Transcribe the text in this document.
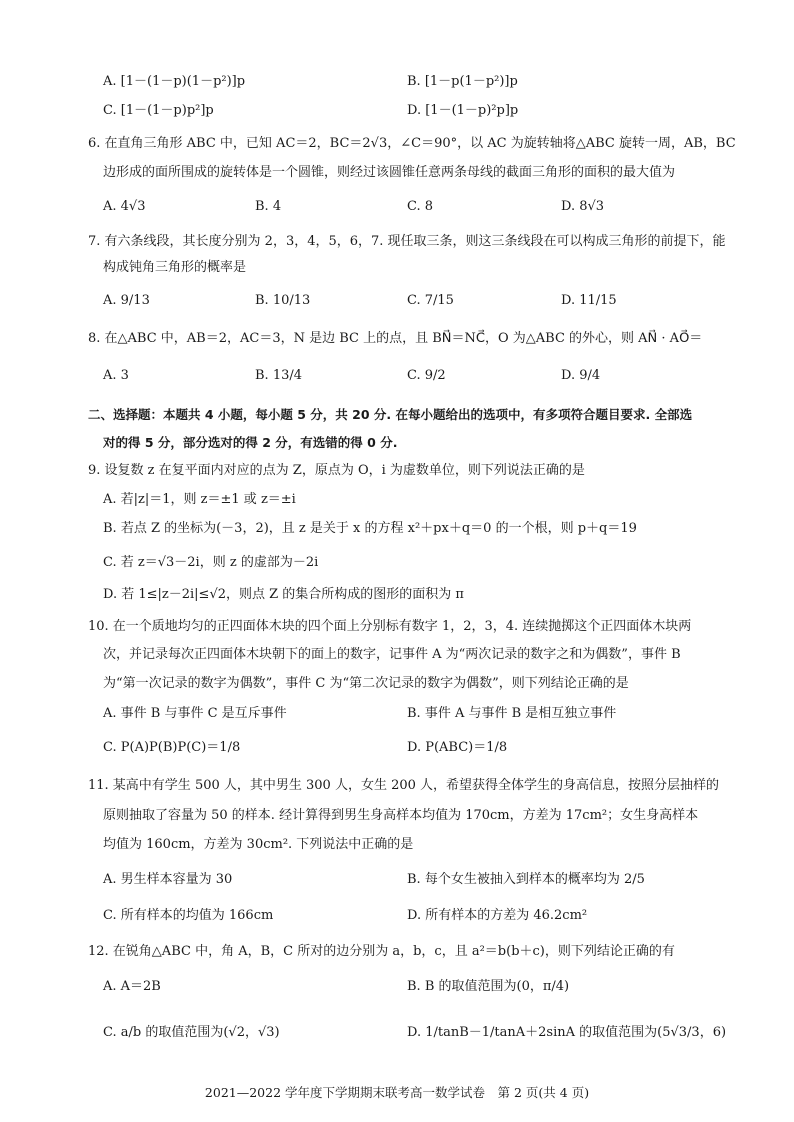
A. [1－(1－p)(1－p²)]p	B. [1－p(1－p²)]p
C. [1－(1－p)p²]p	D. [1－(1－p)²p]p
6. 在直角三角形 ABC 中，已知 AC＝2，BC＝2√3，∠C＝90°，以 AC 为旋转轴将△ABC 旋转一周，AB，BC
边形成的面所围成的旋转体是一个圆锥，则经过该圆锥任意两条母线的截面三角形的面积的最大值为
A. 4√3	B. 4	C. 8	D. 8√3
7. 有六条线段，其长度分别为 2，3，4，5，6，7. 现任取三条，则这三条线段在可以构成三角形的前提下，能
构成钝角三角形的概率是
A. 9/13	B. 10/13	C. 7/15	D. 11/15
8. 在△ABC 中，AB＝2，AC＝3，N 是边 BC 上的点，且 BN⃗＝NC⃗，O 为△ABC 的外心，则 AN⃗ · AO⃗＝
A. 3	B. 13/4	C. 9/2	D. 9/4
二、选择题：本题共 4 小题，每小题 5 分，共 20 分. 在每小题给出的选项中，有多项符合题目要求. 全部选
对的得 5 分，部分选对的得 2 分，有选错的得 0 分.
9. 设复数 z 在复平面内对应的点为 Z，原点为 O，i 为虚数单位，则下列说法正确的是
A. 若|z|＝1，则 z＝±1 或 z＝±i
B. 若点 Z 的坐标为(－3，2)，且 z 是关于 x 的方程 x²＋px＋q＝0 的一个根，则 p＋q＝19
C. 若 z＝√3－2i，则 z 的虚部为－2i
D. 若 1≤|z－2i|≤√2，则点 Z 的集合所构成的图形的面积为 π
10. 在一个质地均匀的正四面体木块的四个面上分别标有数字 1，2，3，4. 连续抛掷这个正四面体木块两
次，并记录每次正四面体木块朝下的面上的数字，记事件 A 为“两次记录的数字之和为偶数”，事件 B
为“第一次记录的数字为偶数”，事件 C 为“第二次记录的数字为偶数”，则下列结论正确的是
A. 事件 B 与事件 C 是互斥事件	B. 事件 A 与事件 B 是相互独立事件
C. P(A)P(B)P(C)＝1/8	D. P(ABC)＝1/8
11. 某高中有学生 500 人，其中男生 300 人，女生 200 人，希望获得全体学生的身高信息，按照分层抽样的
原则抽取了容量为 50 的样本. 经计算得到男生身高样本均值为 170cm，方差为 17cm²；女生身高样本
均值为 160cm，方差为 30cm². 下列说法中正确的是
A. 男生样本容量为 30	B. 每个女生被抽入到样本的概率均为 2/5
C. 所有样本的均值为 166cm	D. 所有样本的方差为 46.2cm²
12. 在锐角△ABC 中，角 A，B，C 所对的边分别为 a，b，c，且 a²＝b(b＋c)，则下列结论正确的有
A. A＝2B	B. B 的取值范围为(0，π/4)
C. a/b 的取值范围为(√2，√3)	D. 1/tanB－1/tanA＋2sinA 的取值范围为(5√3/3，6)
2021—2022 学年度下学期期末联考高一数学试卷　第 2 页(共 4 页)
